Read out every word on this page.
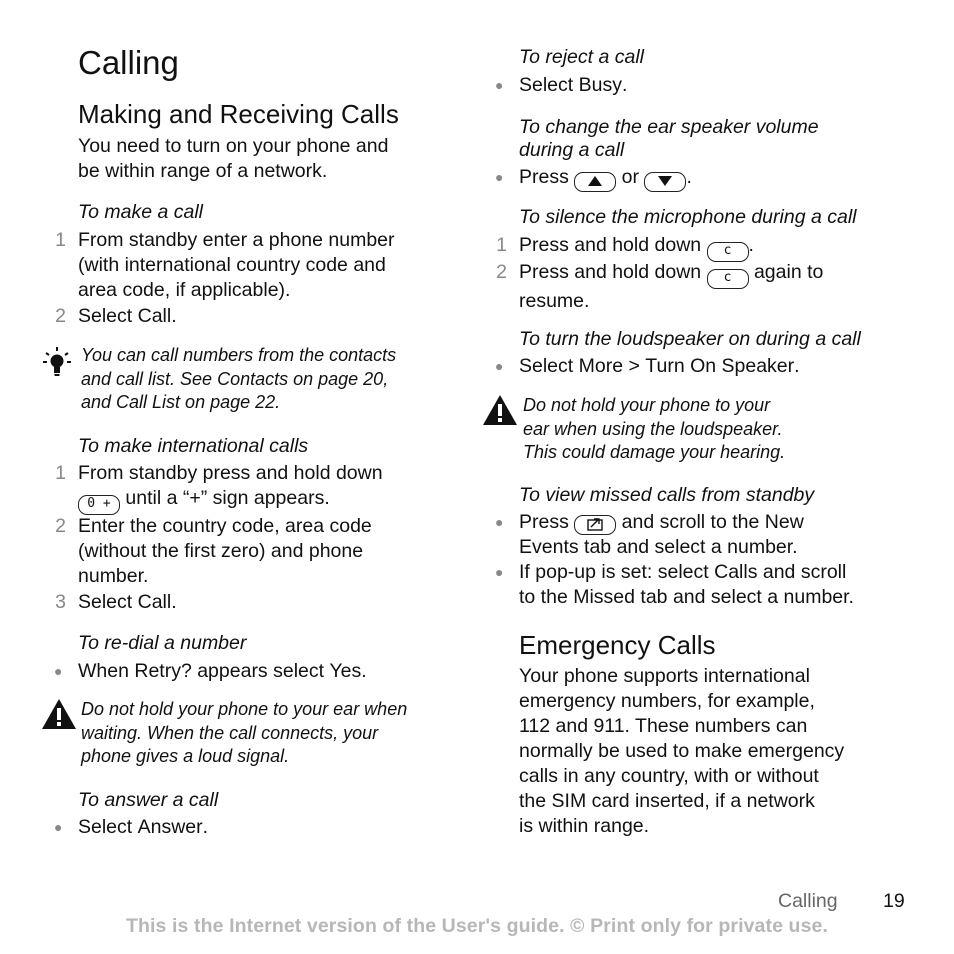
Calling
Making and Receiving Calls
You need to turn on your phone and
be within range of a network.
To make a call
1 From standby enter a phone number
(with international country code and
area code, if applicable).
2 Select Call.
You can call numbers from the contacts
and call list. See Contacts on page 20,
and Call List on page 22.
To make international calls
1 From standby press and hold down
0 + until a “+” sign appears.
2 Enter the country code, area code
(without the first zero) and phone
number.
3 Select Call.
To re-dial a number
● When Retry? appears select Yes.
Do not hold your phone to your ear when
waiting. When the call connects, your
phone gives a loud signal.
To answer a call
● Select Answer.
To reject a call
● Select Busy.
To change the ear speaker volume
during a call
● Press  or .
To silence the microphone during a call
1 Press and hold down c .
2 Press and hold down c again to
resume.
To turn the loudspeaker on during a call
● Select More > Turn On Speaker.
Do not hold your phone to your
ear when using the loudspeaker.
This could damage your hearing.
To view missed calls from standby
● Press  and scroll to the New
Events tab and select a number.
● If pop-up is set: select Calls and scroll
to the Missed tab and select a number.
Emergency Calls
Your phone supports international
emergency numbers, for example,
112 and 911. These numbers can
normally be used to make emergency
calls in any country, with or without
the SIM card inserted, if a network
is within range.
Calling 19
This is the Internet version of the User's guide. © Print only for private use.
